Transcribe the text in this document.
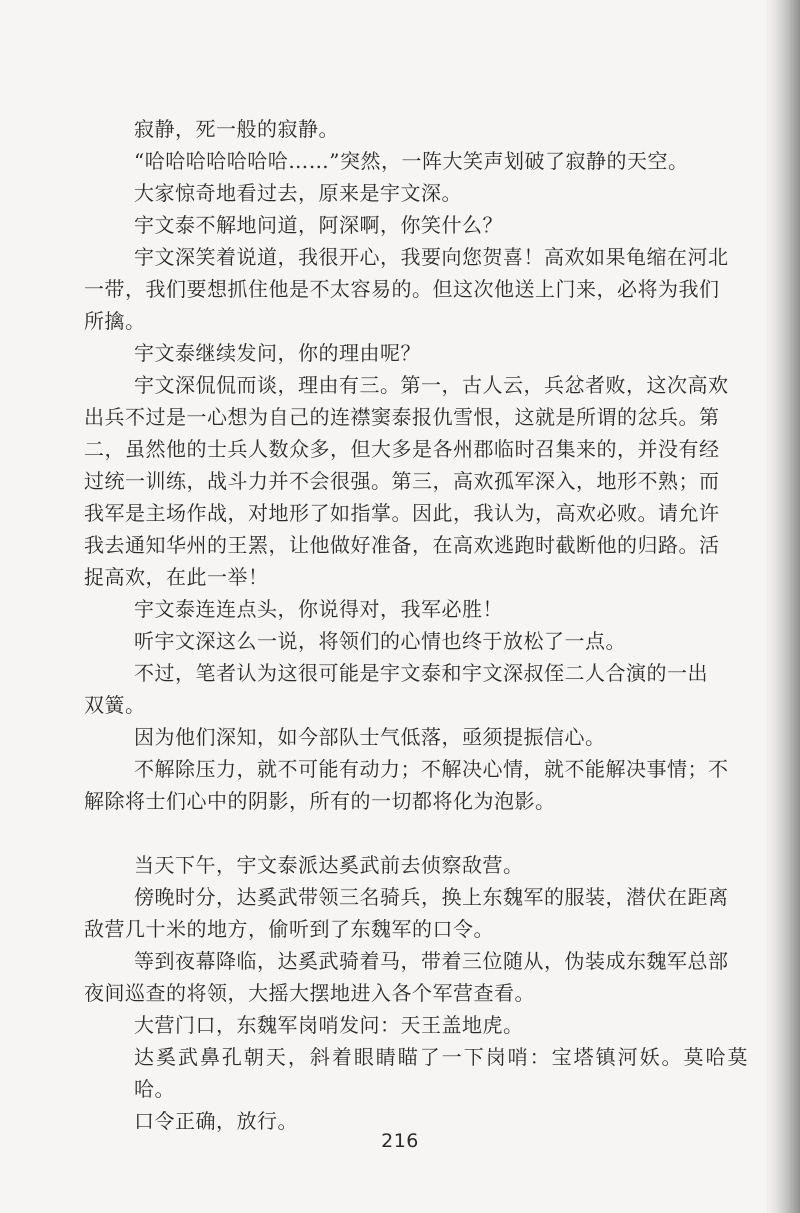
寂静，死一般的寂静。

“哈哈哈哈哈哈哈……”突然，一阵大笑声划破了寂静的天空。

大家惊奇地看过去，原来是宇文深。

宇文泰不解地问道，阿深啊，你笑什么？

宇文深笑着说道，我很开心，我要向您贺喜！高欢如果龟缩在河北

一带，我们要想抓住他是不太容易的。但这次他送上门来，必将为我们

所擒。

宇文泰继续发问，你的理由呢？

宇文深侃侃而谈，理由有三。第一，古人云，兵忿者败，这次高欢

出兵不过是一心想为自己的连襟窦泰报仇雪恨，这就是所谓的忿兵。第

二，虽然他的士兵人数众多，但大多是各州郡临时召集来的，并没有经

过统一训练，战斗力并不会很强。第三，高欢孤军深入，地形不熟；而

我军是主场作战，对地形了如指掌。因此，我认为，高欢必败。请允许

我去通知华州的王罴，让他做好准备，在高欢逃跑时截断他的归路。活

捉高欢，在此一举！

宇文泰连连点头，你说得对，我军必胜！

听宇文深这么一说，将领们的心情也终于放松了一点。

不过，笔者认为这很可能是宇文泰和宇文深叔侄二人合演的一出

双簧。

因为他们深知，如今部队士气低落，亟须提振信心。

不解除压力，就不可能有动力；不解决心情，就不能解决事情；不

解除将士们心中的阴影，所有的一切都将化为泡影。

当天下午，宇文泰派达奚武前去侦察敌营。

傍晚时分，达奚武带领三名骑兵，换上东魏军的服装，潜伏在距离

敌营几十米的地方，偷听到了东魏军的口令。

等到夜幕降临，达奚武骑着马，带着三位随从，伪装成东魏军总部

夜间巡查的将领，大摇大摆地进入各个军营查看。

大营门口，东魏军岗哨发问：天王盖地虎。

达奚武鼻孔朝天，斜着眼睛瞄了一下岗哨：宝塔镇河妖。莫哈莫哈。

口令正确，放行。

216
